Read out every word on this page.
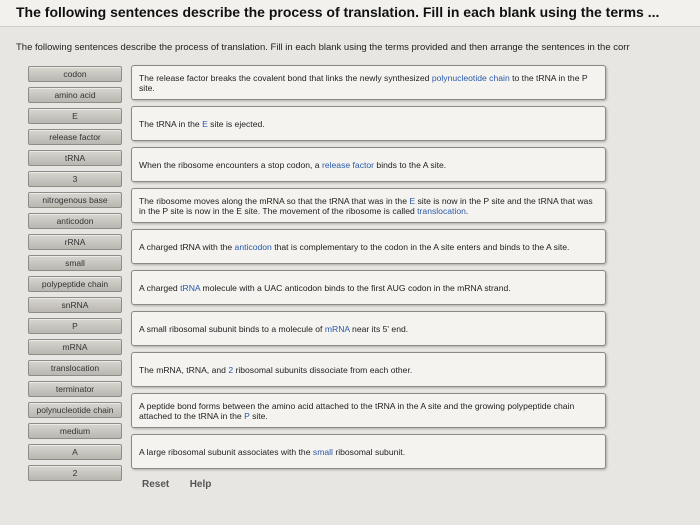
The following sentences describe the process of translation. Fill in each blank using the terms ...

The following sentences describe the process of translation. Fill in each blank using the terms provided and then arrange the sentences in the corr

codon
amino acid
E
release factor
tRNA
3
nitrogenous base
anticodon
rRNA
small
polypeptide chain
snRNA
P
mRNA
translocation
terminator
polynucleotide chain
medium
A
2
The release factor breaks the covalent bond that links the newly synthesized polynucleotide chain to the tRNA in the P site.
The tRNA in the E site is ejected.
When the ribosome encounters a stop codon, a release factor binds to the A site.
The ribosome moves along the mRNA so that the tRNA that was in the E site is now in the P site and the tRNA that was in the P site is now in the E site. The movement of the ribosome is called translocation.
A charged tRNA with the anticodon that is complementary to the codon in the A site enters and binds to the A site.
A charged tRNA molecule with a UAC anticodon binds to the first AUG codon in the mRNA strand.
A small ribosomal subunit binds to a molecule of mRNA near its 5' end.
The mRNA, tRNA, and 2 ribosomal subunits dissociate from each other.
A peptide bond forms between the amino acid attached to the tRNA in the A site and the growing polypeptide chain attached to the tRNA in the P site.
A large ribosomal subunit associates with the small ribosomal subunit.
Reset Help
